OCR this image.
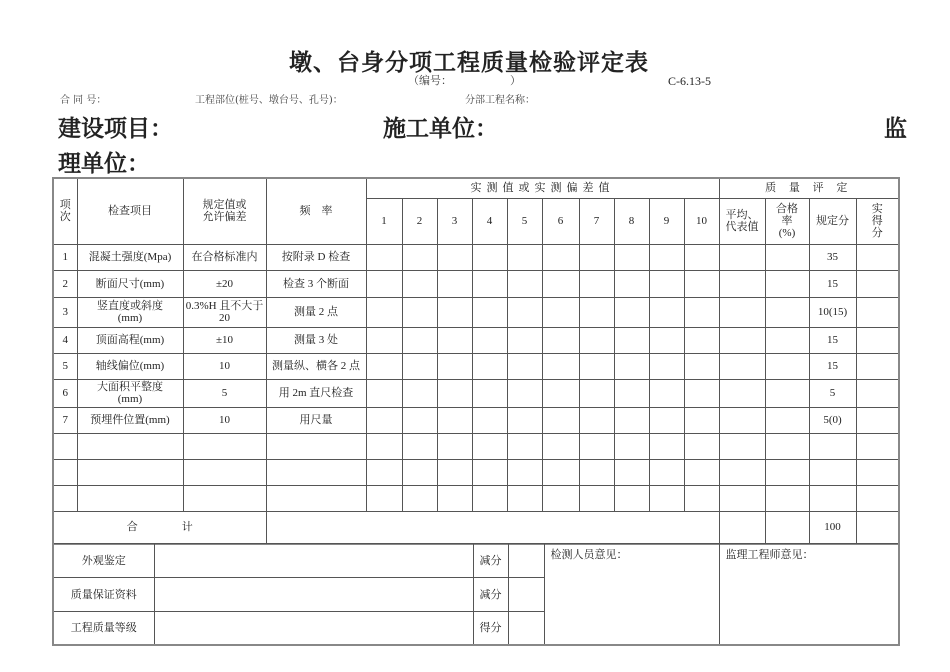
墩、台身分项工程质量检验评定表
（编号：	）	C-6.13-5
合 同 号：	工程部位(桩号、墩台号、孔号)：	分部工程名称：
建设项目：	施工单位：	监
理单位：
项次	检查项目	规定值或允许偏差	频　率	实测值或实测偏差值										质 量 评 定			
				1	2	3	4	5	6	7	8	9	10	平均、代表值	合格率(%)	规定分	实得分
1	混凝土强度(Mpa)	在合格标准内	按附录 D 检查													35	
2	断面尺寸(mm)	±20	检查 3 个断面													15	
3	竖直度或斜度(mm)	0.3%H 且不大于 20	测量 2 点													10(15)	
4	顶面高程(mm)	±10	测量 3 处													15	
5	轴线偏位(mm)	10	测量纵、横各 2 点													15	
6	大面积平整度(mm)	5	用 2m 直尺检查													5	
7	预埋件位置(mm)	10	用尺量													5(0)	

合 计																100	
外观鉴定		减分		检测人员意见：	监理工程师意见：
质量保证资料		减分			
工程质量等级		得分			
